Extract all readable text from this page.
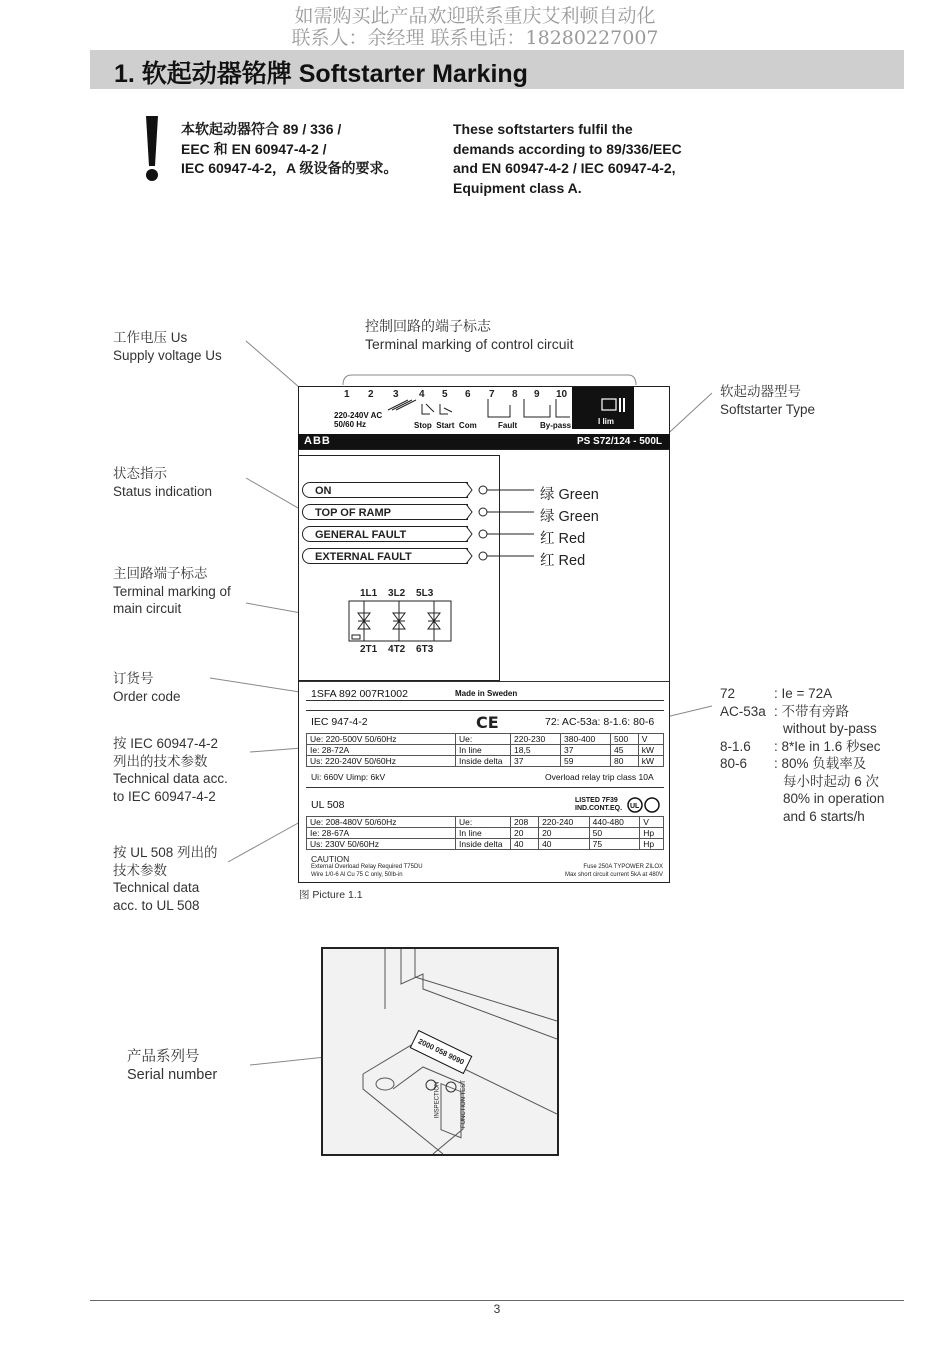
如需购买此产品欢迎联系重庆艾利顿自动化
联系人：余经理 联系电话：18280227007
1. 软起动器铭牌 Softstarter Marking
本软起动器符合 89 / 336 /
EEC 和 EN 60947-4-2 /
IEC 60947-4-2，A 级设备的要求。
These softstarters fulfil the
demands according to 89/336/EEC
and EN 60947-4-2 / IEC 60947-4-2,
Equipment class A.
控制回路的端子标志
Terminal marking of control circuit
工作电压 Us
Supply voltage Us
软起动器型号
Softstarter Type
状态指示
Status indication
主回路端子标志
Terminal marking of
main circuit
订货号
Order code
按 IEC 60947-4-2
列出的技术参数
Technical data acc.
to IEC 60947-4-2
按 UL 508 列出的
技术参数
Technical data
acc. to UL 508
1 2 3 4 5 6 7 8 9 10
I lim
220-240V AC
50/60 Hz	Stop Start Com	Fault	By-pass
ABB	PS S72/124 - 500L
ON
TOP OF RAMP
GENERAL FAULT
EXTERNAL FAULT
绿 Green
绿 Green
红 Red
红 Red
1L1 3L2 5L3
2T1 4T2 6T3
1SFA 892 007R1002	Made in Sweden
IEC 947-4-2	CE	72: AC-53a: 8-1.6: 80-6
Ue: 220-500V 50/60Hz	Ue:	220-230	380-400	500	V
Ie: 28-72A	In line	18,5	37	45	kW
Us: 220-240V 50/60Hz	Inside delta	37	59	80	kW
Ui: 660V Uimp: 6kV	Overload relay trip class 10A
UL 508	LISTED 7F39
IND.CONT.EQ. UL
Ue: 208-480V 50/60Hz	Ue:	208	220-240	440-480	V
Ie: 28-67A	In line	20	20	50	Hp
Us: 230V 50/60Hz	Inside delta	40	40	75	Hp
CAUTION
External Overload Relay Required T75DU
Wire 1/0-6 Al Cu 75 C only, 50lb-in
Fuse 250A TYPOWER ZILOX
Max short circuit current 5kA at 480V
72	: Ie = 72A
AC-53a : 不带有旁路
without by-pass
8-1.6	: 8*Ie in 1.6 秒sec
80-6	: 80% 负载率及
每小时起动 6 次
80% in operation
and 6 starts/h
图 Picture 1.1
产品系列号
Serial number
2000 058 9090
INSPECTION	FUNCTION TEST
3
